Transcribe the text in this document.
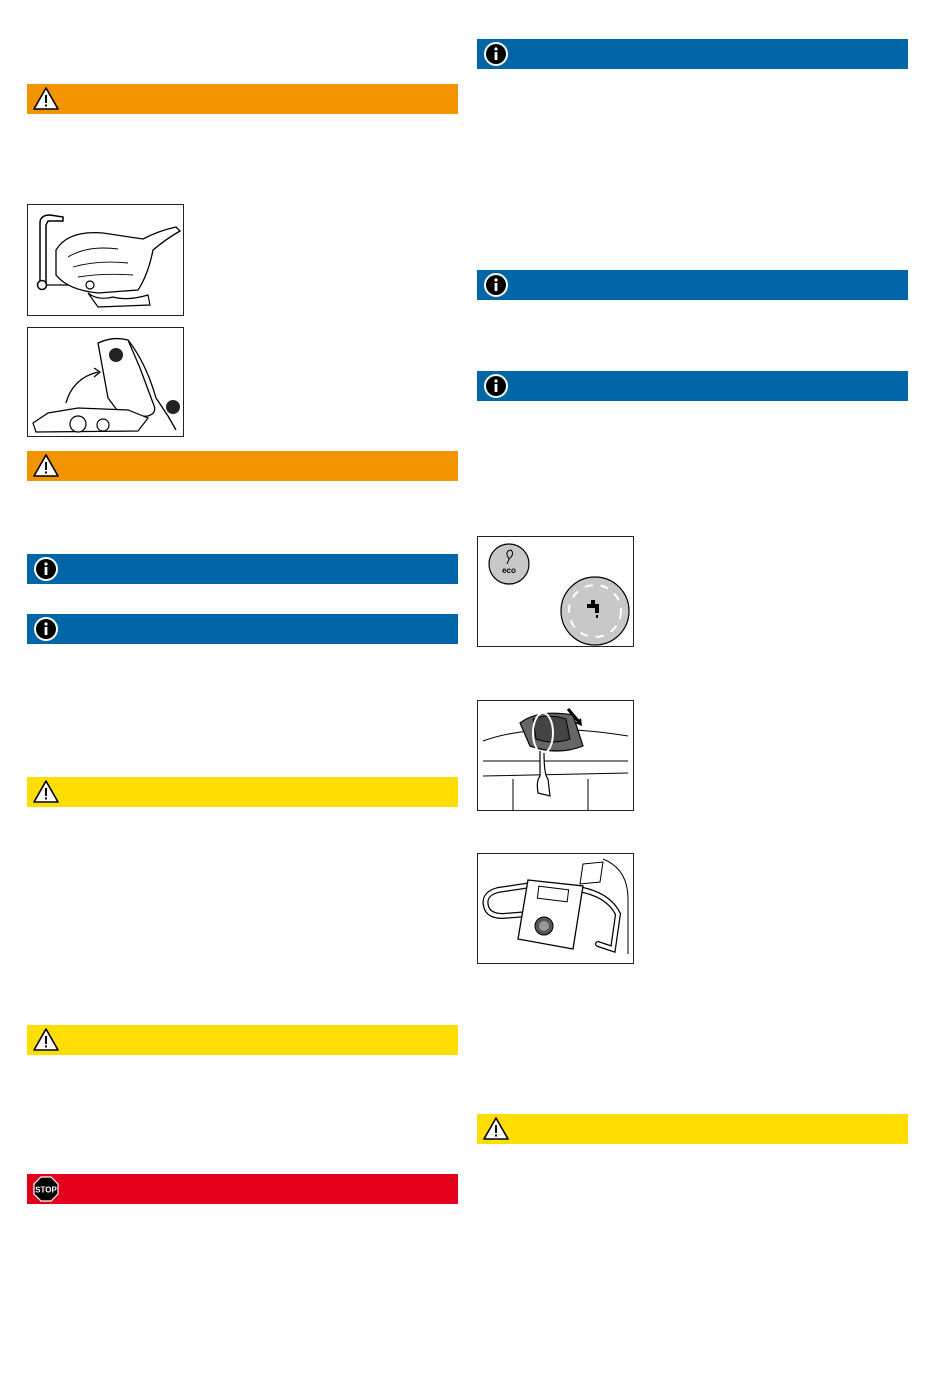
STOP
eco
